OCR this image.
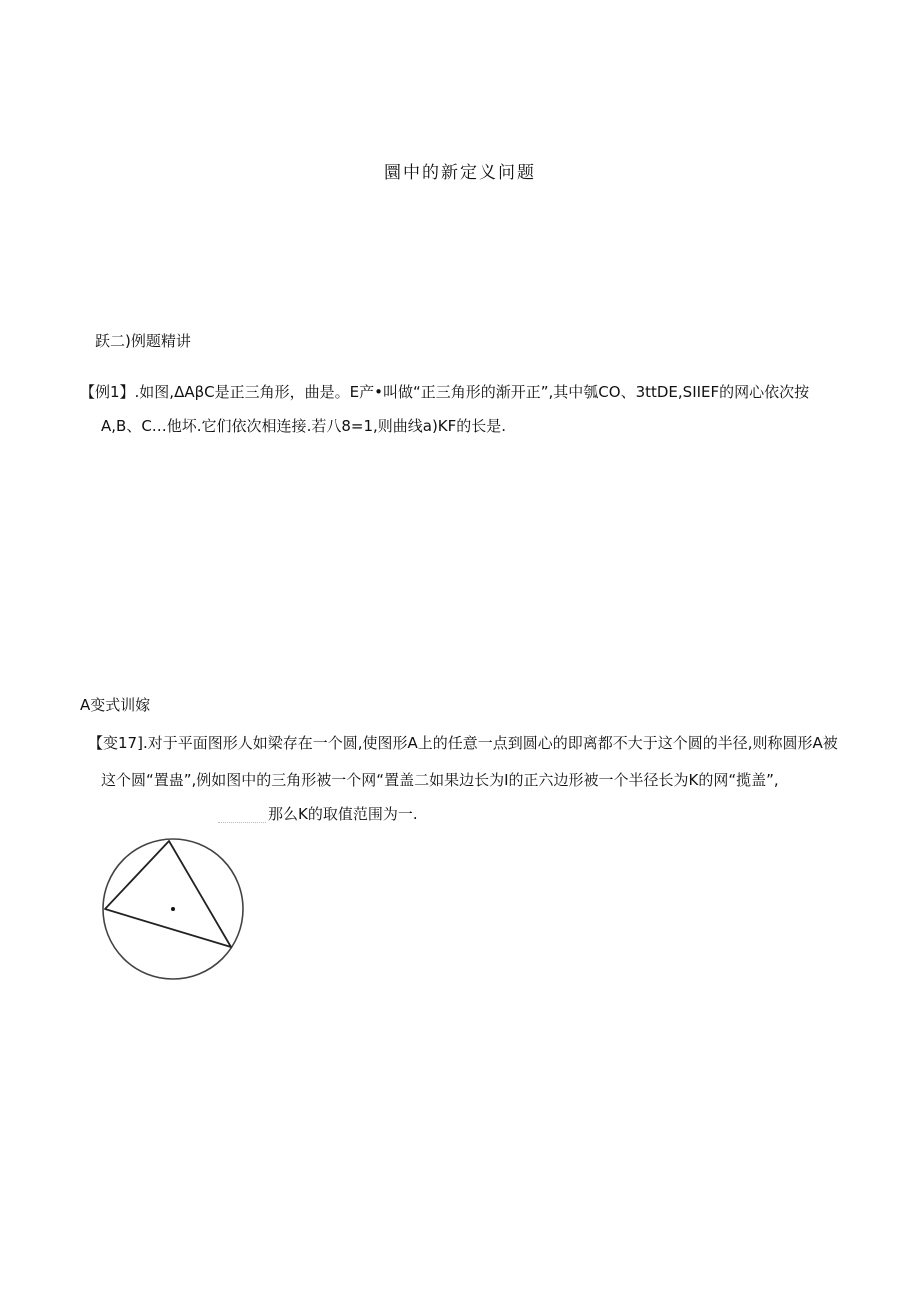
圜中的新定义问题
跃二)例题精讲
【例1】.如图,ΔAβC是正三角形，曲是。E产•叫做“正三角形的渐开正”,其中瓠CO、3ttDE,SIIEF的网心依次按
A,B、C…他坏.它们依次相连接.若八8=1,则曲线a)KF的长是.
A变式训嫁
【变17].对于平面图形人如梁存在一个圆,使图形A上的任意一点到圆心的即离都不大于这个圆的半径,则称圆形A被
这个圆“置蛊”,例如图中的三角形被一个网“置盖二如果边长为I的正六边形被一个半径长为K的网“揽盖”,
那么K的取值范围为一.
